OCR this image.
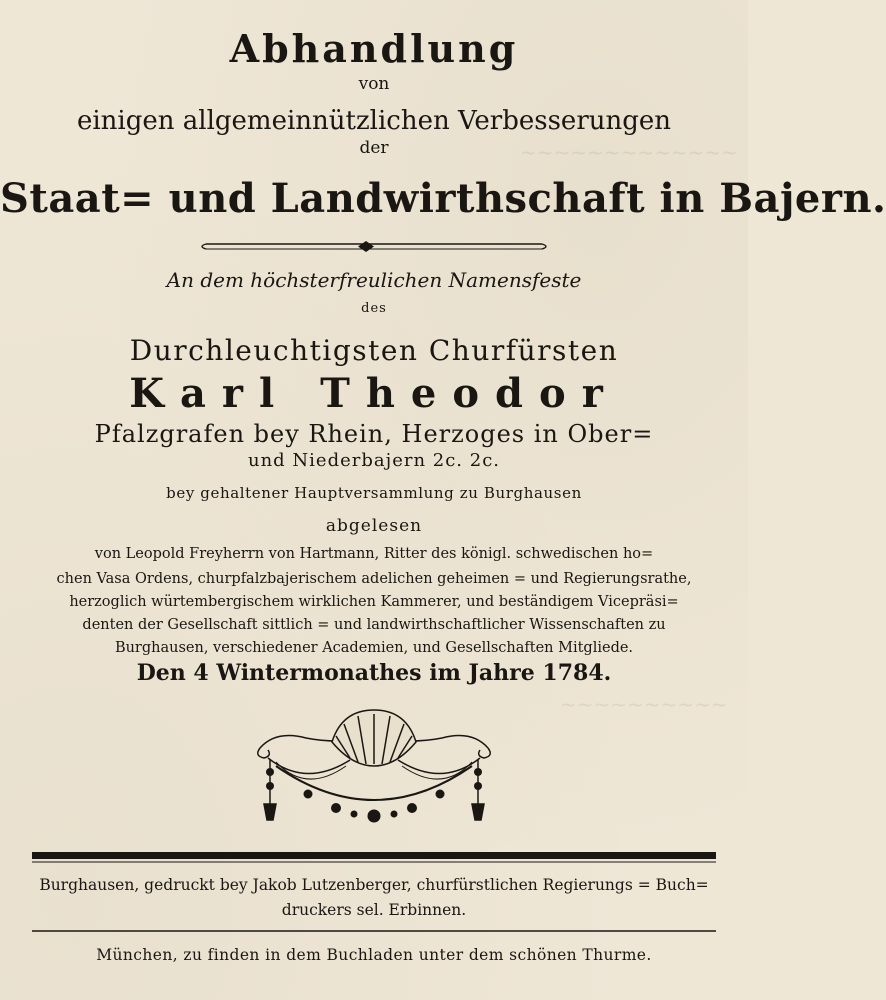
~~~~~~~~~~~~~
~~~~~~~~~~
Abhandlung
von
einigen allgemeinnützlichen Verbesserungen
der
Staat= und Landwirthschaft in Bajern.
An dem höchsterfreulichen Namensfeste
des
Durchleuchtigsten Churfürsten
Karl Theodor
Pfalzgrafen bey Rhein, Herzoges in Ober=
und Niederbajern 2c. 2c.
bey gehaltener Hauptversammlung zu Burghausen
abgelesen
von Leopold Freyherrn von Hartmann, Ritter des königl. schwedischen ho=
chen Vasa Ordens, churpfalzbajerischem adelichen geheimen = und Regierungsrathe,
herzoglich würtembergischem wirklichen Kammerer, und beständigem Vicepräsi=
denten der Gesellschaft sittlich = und landwirthschaftlicher Wissenschaften zu
Burghausen, verschiedener Academien, und Gesellschaften Mitgliede.
Den 4 Wintermonathes im Jahre 1784.
Burghausen, gedruckt bey Jakob Lutzenberger, churfürstlichen Regierungs = Buch=
druckers sel. Erbinnen.
München, zu finden in dem Buchladen unter dem schönen Thurme.
